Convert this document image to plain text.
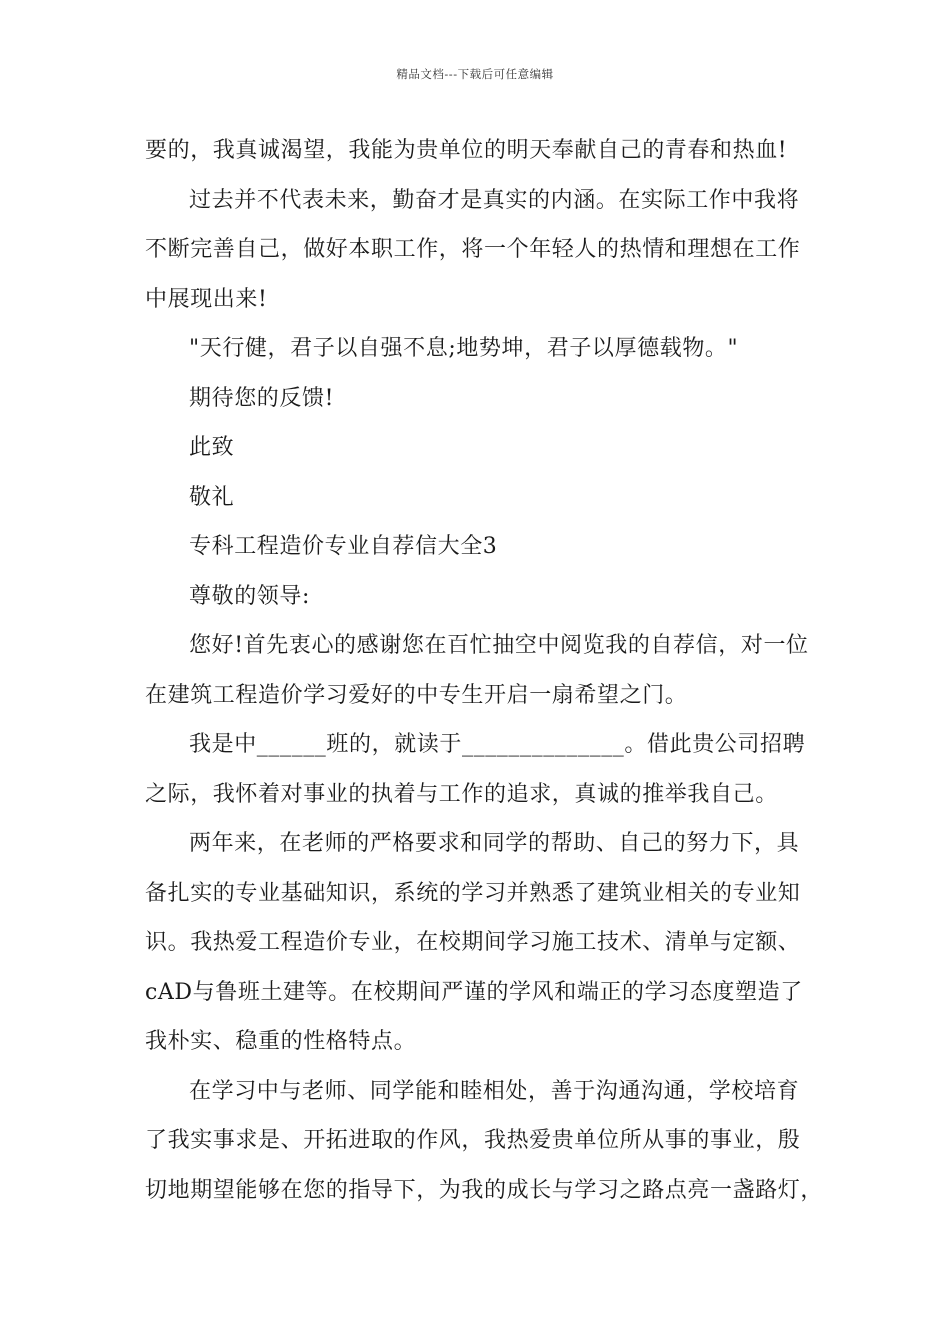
精品文档---下载后可任意编辑
要的，我真诚渴望，我能为贵单位的明天奉献自己的青春和热血!
过去并不代表未来，勤奋才是真实的内涵。在实际工作中我将
不断完善自己，做好本职工作，将一个年轻人的热情和理想在工作
中展现出来!
"天行健，君子以自强不息;地势坤，君子以厚德载物。"
期待您的反馈!
此致
敬礼
专科工程造价专业自荐信大全3
尊敬的领导:
您好!首先衷心的感谢您在百忙抽空中阅览我的自荐信，对一位
在建筑工程造价学习爱好的中专生开启一扇希望之门。
我是中______班的，就读于______________。借此贵公司招聘
之际，我怀着对事业的执着与工作的追求，真诚的推举我自己。
两年来，在老师的严格要求和同学的帮助、自己的努力下，具
备扎实的专业基础知识，系统的学习并熟悉了建筑业相关的专业知
识。我热爱工程造价专业，在校期间学习施工技术、清单与定额、
cAD与鲁班土建等。在校期间严谨的学风和端正的学习态度塑造了
我朴实、稳重的性格特点。
在学习中与老师、同学能和睦相处，善于沟通沟通，学校培育
了我实事求是、开拓进取的作风，我热爱贵单位所从事的事业，殷
切地期望能够在您的指导下，为我的成长与学习之路点亮一盏路灯，
